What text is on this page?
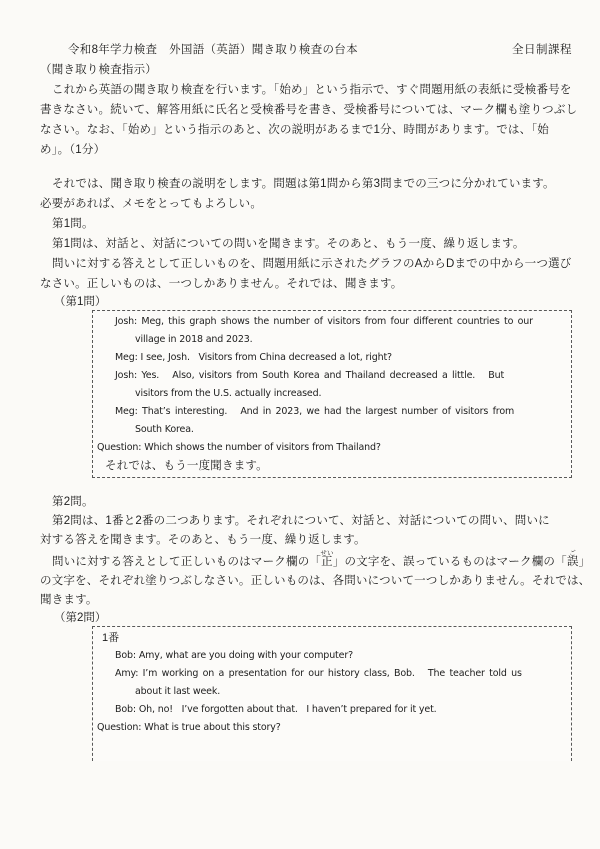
令和8年学力検査　外国語（英語）聞き取り検査の台本	全日制課程
（聞き取り検査指示）
これから英語の聞き取り検査を行います。「始め」という指示で、すぐ問題用紙の表紙に受検番号を
書きなさい。続いて、解答用紙に氏名と受検番号を書き、受検番号については、マーク欄も塗りつぶし
なさい。なお、「始め」という指示のあと、次の説明があるまで1分、時間があります。では、「始
め」。（1分）
それでは、聞き取り検査の説明をします。問題は第1問から第3問までの三つに分かれています。
必要があれば、メモをとってもよろしい。
第1問。
第1問は、対話と、対話についての問いを聞きます。そのあと、もう一度、繰り返します。
問いに対する答えとして正しいものを、問題用紙に示されたグラフのAからDまでの中から一つ選び
なさい。正しいものは、一つしかありません。それでは、聞きます。
（第1問）
Josh: Meg, this graph shows the number of visitors from four different countries to our
village in 2018 and 2023.
Meg: I see, Josh.   Visitors from China decreased a lot, right?
Josh: Yes.   Also, visitors from South Korea and Thailand decreased a little.   But
visitors from the U.S. actually increased.
Meg: That’s interesting.   And in 2023, we had the largest number of visitors from
South Korea.
Question: Which shows the number of visitors from Thailand?
それでは、もう一度聞きます。
第2問。
第2問は、1番と2番の二つあります。それぞれについて、対話と、対話についての問い、問いに
対する答えを聞きます。そのあと、もう一度、繰り返します。
問いに対する答えとして正しいものはマーク欄の「正せい」の文字を、誤っているものはマーク欄の「誤ご」
の文字を、それぞれ塗りつぶしなさい。正しいものは、各問いについて一つしかありません。それでは、
聞きます。
（第2問）
1番
Bob: Amy, what are you doing with your computer?
Amy: I’m working on a presentation for our history class, Bob.   The teacher told us
about it last week.
Bob: Oh, no!   I’ve forgotten about that.   I haven’t prepared for it yet.
Question: What is true about this story?
